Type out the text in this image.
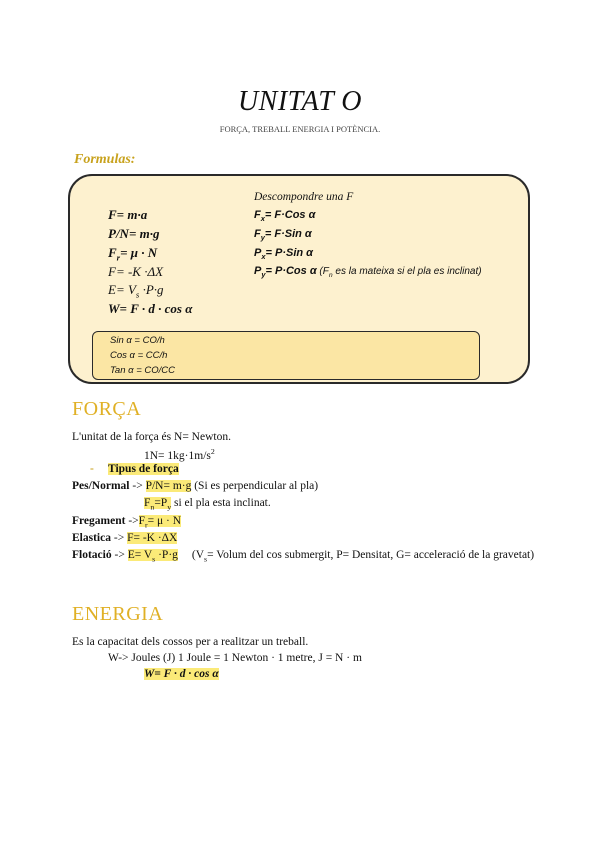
UNITAT O
FORÇA, TREBALL ENERGIA I POTÈNCIA.
Formulas:
F= m·a
P/N= m·g
$F_r= \mu \cdot N$
F= -K ·ΔX
$E= V_s \cdot P\cdot g$
W= F · d · cos α
Descompondre una F
$F_x= F\cdot Cos$ α
$F_y= F\cdot Sin$ α
$P_x= P\cdot Sin$ α
$P_y= P\cdot Cos$ α ($F_n$ es la mateixa si el pla es inclinat)
Sin α = CO/h
Cos α = CC/h
Tan α = CO/CC
FORÇA
L'unitat de la força és N= Newton.
$1N= 1kg\cdot 1m/s^2$
- Tipus de força
Pes/Normal -> P/N= m·g (Si es perpendicular al pla)
$F_n=P_y$ si el pla esta inclinat.
Fregament $->F_r= \mu \cdot N$
Elastica -> F= -K ·ΔX
Flotació -> $E= V_s \cdot P\cdot g$ ($V_s=$ Volum del cos submergit, P= Densitat, G= acceleració de la gravetat)
ENERGIA
Es la capacitat dels cossos per a realitzar un treball.
W-> Joules (J) 1 Joule = 1 Newton · 1 metre, J = N · m
W= F · d · cos α
